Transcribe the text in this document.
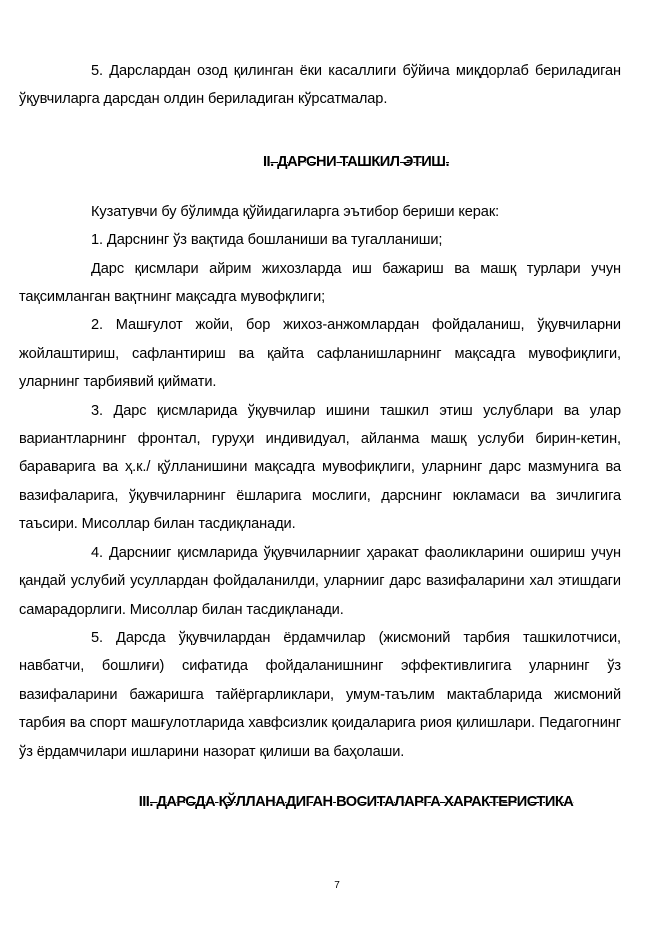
5. Дарслардан озод қилинган ёки касаллиги бўйича миқдорлаб бериладиган ўқувчиларга дарсдан олдин бериладиган кўрсатмалар.

II. ДАРСНИ ТАШКИЛ ЭТИШ.

Кузатувчи бу бўлимда қўйидагиларга эътибор бериши керак:

1. Дарснинг ўз вақтида бошланиши ва тугалланиши;

Дарс қисмлари айрим жихозларда иш бажариш ва машқ турлари учун тақсимланган вақтнинг мақсадга мувофқлиги;

2. Машғулот жойи, бор жихоз-анжомлардан фойдаланиш, ўқувчиларни жойлаштириш, сафлантириш ва қайта сафланишларнинг мақсадга мувофиқлиги, уларнинг тарбиявий қиймати.

3. Дарс қисмларида ўқувчилар ишини ташкил этиш услублари ва улар вариантларнинг фронтал, гуруҳи индивидуал, айланма машқ услуби бирин-кетин, бараварига ва ҳ.к./ қўлланишини мақсадга мувофиқлиги, уларнинг дарс мазмунига ва вазифаларига, ўқувчиларнинг ёшларига мослиги, дарснинг юкламаси ва зичлигига таъсири. Мисоллар билан тасдиқланади.

4. Дарснииг қисмларида ўқувчиларнииг ҳаракат фаоликларини ошириш учун қандай услубий усуллардан фойдаланилди, уларнииг дарс вазифаларини хал этишдаги самарадорлиги. Мисоллар билан тасдиқланади.

5. Дарсда ўқувчилардан ёрдамчилар (жисмоний тарбия ташкилотчиси, навбатчи, бошлиғи) сифатида фойдаланишнинг эффективлигига уларнинг ўз вазифаларини бажаришга тайёргарликлари, умум-таълим мактабларида жисмоний тарбия ва спорт машғулотларида хавфсизлик қоидаларига риоя қилишлари. Педагогнинг ўз ёрдамчилари ишларини назорат қилиши ва баҳолаши.

III. ДАРСДА ҚЎЛЛАНАДИГАН ВОСИТАЛАРГА ХАРАКТЕРИСТИКА

7
